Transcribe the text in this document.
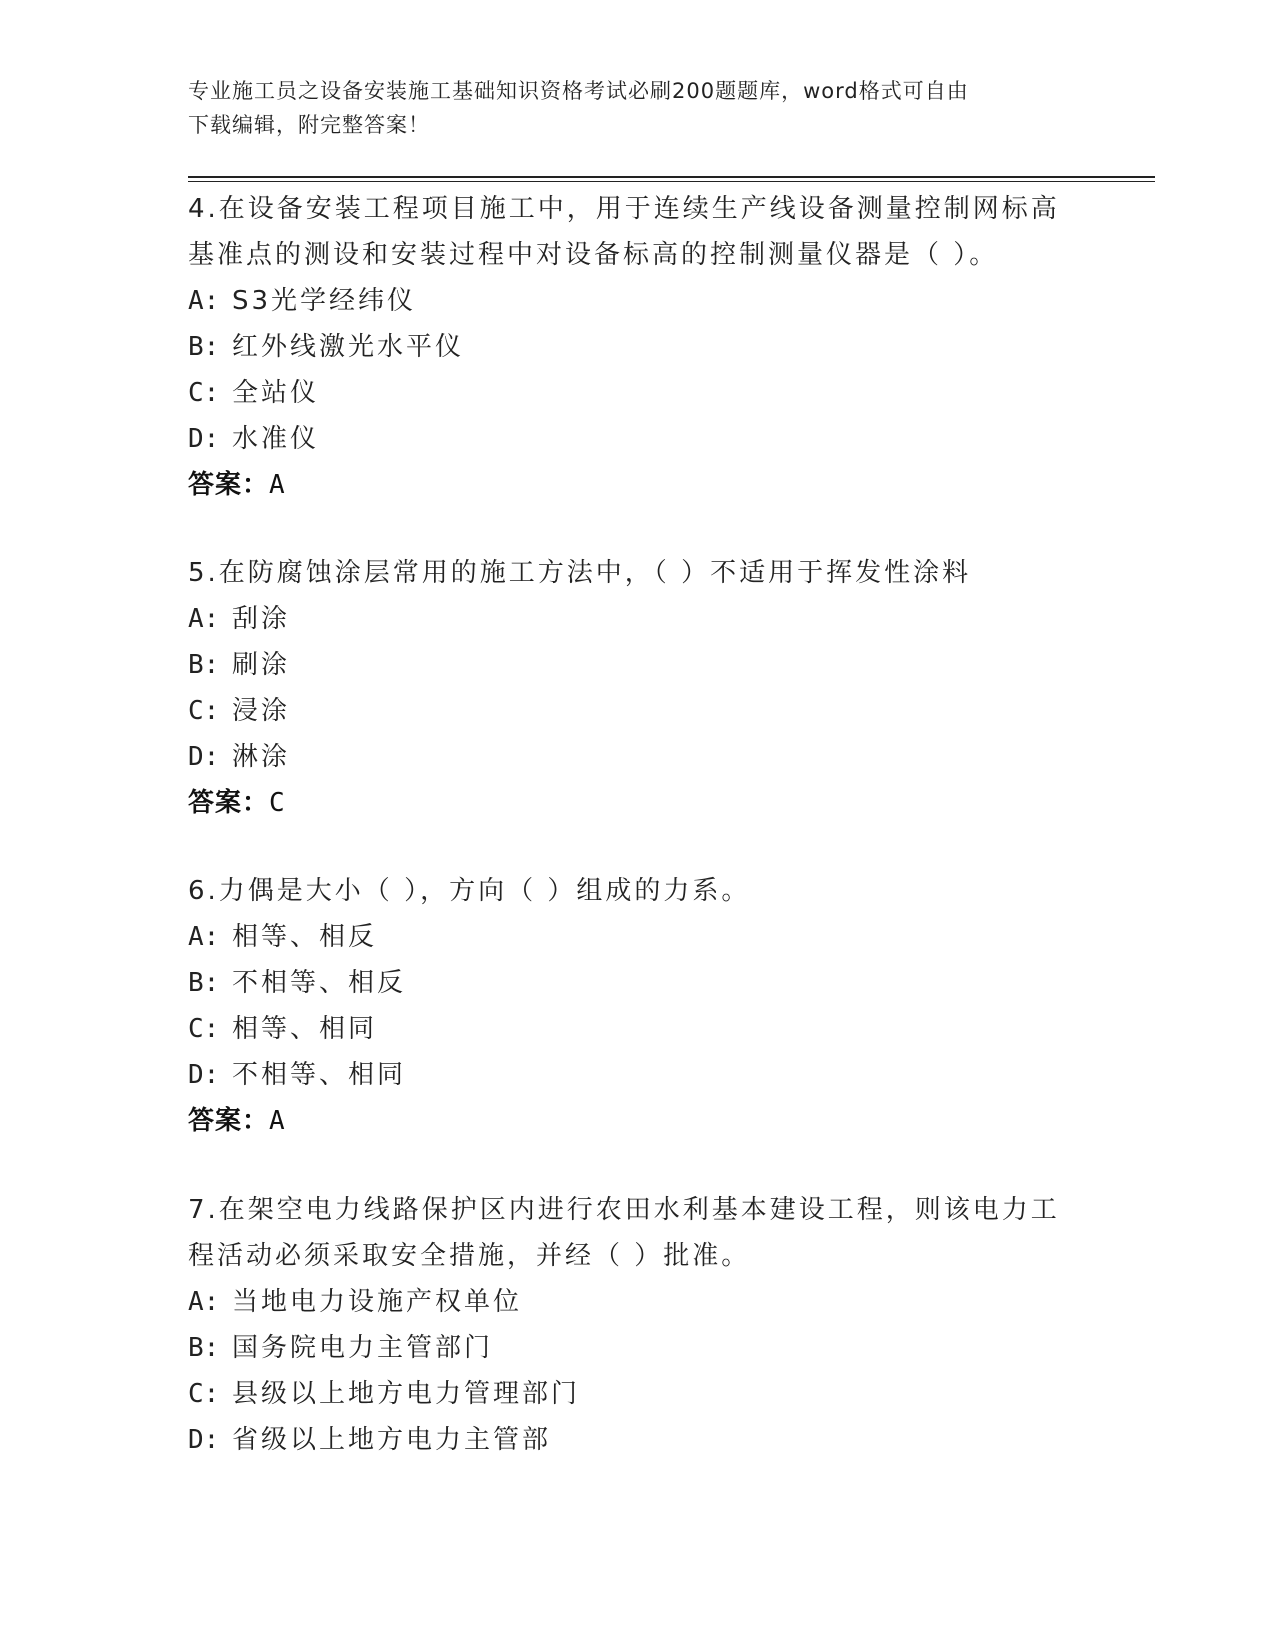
专业施工员之设备安装施工基础知识资格考试必刷200题题库，word格式可自由
下载编辑，附完整答案！

4.在设备安装工程项目施工中，用于连续生产线设备测量控制网标高基准点的测设和安装过程中对设备标高的控制测量仪器是（ ）。

A: S3光学经纬仪

B: 红外线激光水平仪

C: 全站仪

D: 水准仪

答案：A

5.在防腐蚀涂层常用的施工方法中，（ ）不适用于挥发性涂料

A: 刮涂

B: 刷涂

C: 浸涂

D: 淋涂

答案：C

6.力偶是大小（ ），方向（ ）组成的力系。

A: 相等、相反

B: 不相等、相反

C: 相等、相同

D: 不相等、相同

答案：A

7.在架空电力线路保护区内进行农田水利基本建设工程，则该电力工程活动必须采取安全措施，并经（ ）批准。

A: 当地电力设施产权单位

B: 国务院电力主管部门

C: 县级以上地方电力管理部门

D: 省级以上地方电力主管部
